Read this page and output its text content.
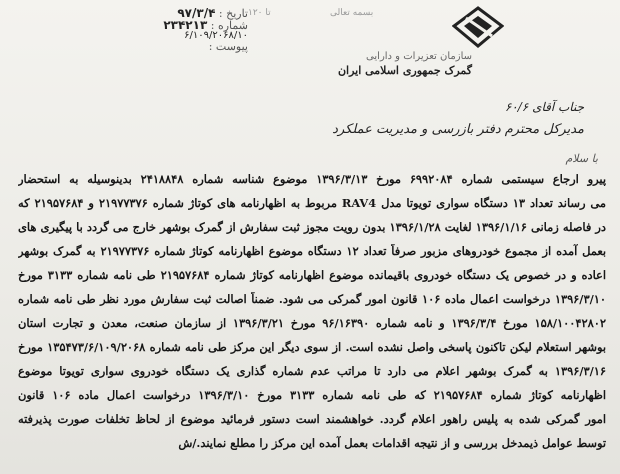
تاریخ : ۹۷/۳/۴
شماره : ۲۳۴۲۱۳
۶/۱۰۹/۲۰۶۸/۱۰
پیوست :
تا ۱۲۰	بسمه تعالی
سازمان تعزیرات و دارایی
گمرک جمهوری اسلامی ایران
جناب آقای ۶۰/۶
مدیرکل محترم دفتر بازرسی و مدیریت عملکرد
با سلام
پیرو ارجاع سیستمی شماره ۶۹۹۲۰۸۴ مورخ ۱۳۹۶/۳/۱۳ موضوع شناسه شماره ۲۴۱۸۸۴۸ بدینوسیله به استحضار
می رساند تعداد ۱۳ دستگاه سواری تویوتا مدل RAV4 مربوط به اظهارنامه های کوتاژ شماره ۲۱۹۷۷۳۷۶ و ۲۱۹۵۷۶۸۴ که
در فاصله زمانی ۱۳۹۶/۱/۱۶ لغایت ۱۳۹۶/۱/۲۸ بدون رویت مجوز ثبت سفارش از گمرک بوشهر خارج می گردد با پیگیری های
بعمل آمده از مجموع خودروهای مزبور صرفاً تعداد ۱۲ دستگاه موضوع اظهارنامه کوتاژ شماره ۲۱۹۷۷۳۷۶ به گمرک بوشهر
اعاده و در خصوص یک دستگاه خودروی باقیمانده موضوع اظهارنامه کوتاژ شماره ۲۱۹۵۷۶۸۴ طی نامه شماره ۳۱۳۳ مورخ
۱۳۹۶/۳/۱۰ درخواست اعمال ماده ۱۰۶ قانون امور گمرکی می شود. ضمناً اصالت ثبت سفارش مورد نظر طی نامه شماره
۱۵۸/۱۰۰۴۲۸۰۲ مورخ ۱۳۹۶/۳/۴ و نامه شماره ۹۶/۱۶۳۹۰ مورخ ۱۳۹۶/۳/۲۱ از سازمان صنعت، معدن و تجارت استان
بوشهر استعلام لیکن تاکنون پاسخی واصل نشده است. از سوی دیگر این مرکز طی نامه شماره ۱۳۵۴۷۳/۶/۱۰۹/۲۰۶۸ مورخ
۱۳۹۶/۳/۱۶ به گمرک بوشهر اعلام می دارد تا مراتب عدم شماره گذاری یک دستگاه خودروی سواری تویوتا موضوع
اظهارنامه کوتاژ شماره ۲۱۹۵۷۶۸۴ که طی نامه شماره ۳۱۳۳ مورخ ۱۳۹۶/۳/۱۰ درخواست اعمال ماده ۱۰۶ قانون
امور گمرکی شده به پلیس راهور اعلام گردد. خواهشمند است دستور فرمائید موضوع از لحاظ تخلفات صورت پذیرفته
توسط عوامل ذیمدخل بررسی و از نتیجه اقدامات بعمل آمده این مرکز را مطلع نمایند./ش
